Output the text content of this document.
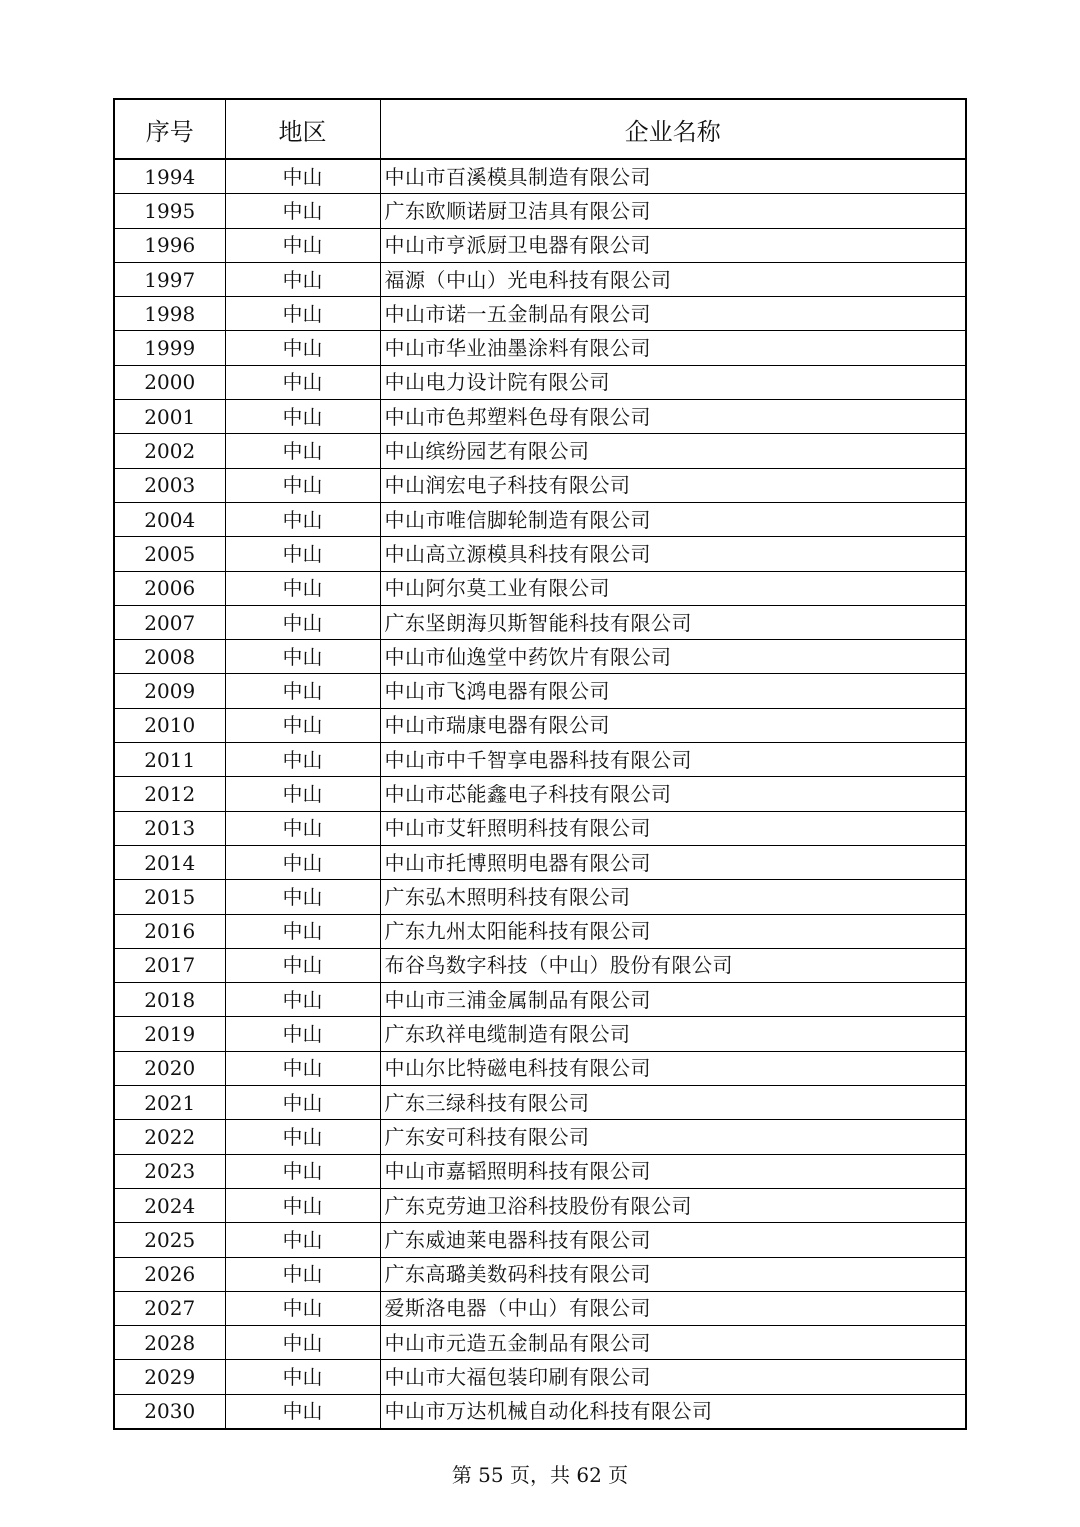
序号	地区	企业名称
1994	中山	中山市百溪模具制造有限公司
1995	中山	广东欧顺诺厨卫洁具有限公司
1996	中山	中山市亨派厨卫电器有限公司
1997	中山	福源（中山）光电科技有限公司
1998	中山	中山市诺一五金制品有限公司
1999	中山	中山市华业油墨涂料有限公司
2000	中山	中山电力设计院有限公司
2001	中山	中山市色邦塑料色母有限公司
2002	中山	中山缤纷园艺有限公司
2003	中山	中山润宏电子科技有限公司
2004	中山	中山市唯信脚轮制造有限公司
2005	中山	中山高立源模具科技有限公司
2006	中山	中山阿尔莫工业有限公司
2007	中山	广东坚朗海贝斯智能科技有限公司
2008	中山	中山市仙逸堂中药饮片有限公司
2009	中山	中山市飞鸿电器有限公司
2010	中山	中山市瑞康电器有限公司
2011	中山	中山市中千智享电器科技有限公司
2012	中山	中山市芯能鑫电子科技有限公司
2013	中山	中山市艾轩照明科技有限公司
2014	中山	中山市托博照明电器有限公司
2015	中山	广东弘木照明科技有限公司
2016	中山	广东九州太阳能科技有限公司
2017	中山	布谷鸟数字科技（中山）股份有限公司
2018	中山	中山市三浦金属制品有限公司
2019	中山	广东玖祥电缆制造有限公司
2020	中山	中山尔比特磁电科技有限公司
2021	中山	广东三绿科技有限公司
2022	中山	广东安可科技有限公司
2023	中山	中山市嘉韬照明科技有限公司
2024	中山	广东克劳迪卫浴科技股份有限公司
2025	中山	广东威迪莱电器科技有限公司
2026	中山	广东高璐美数码科技有限公司
2027	中山	爱斯洛电器（中山）有限公司
2028	中山	中山市元造五金制品有限公司
2029	中山	中山市大福包装印刷有限公司
2030	中山	中山市万达机械自动化科技有限公司
第 55 页，共 62 页
